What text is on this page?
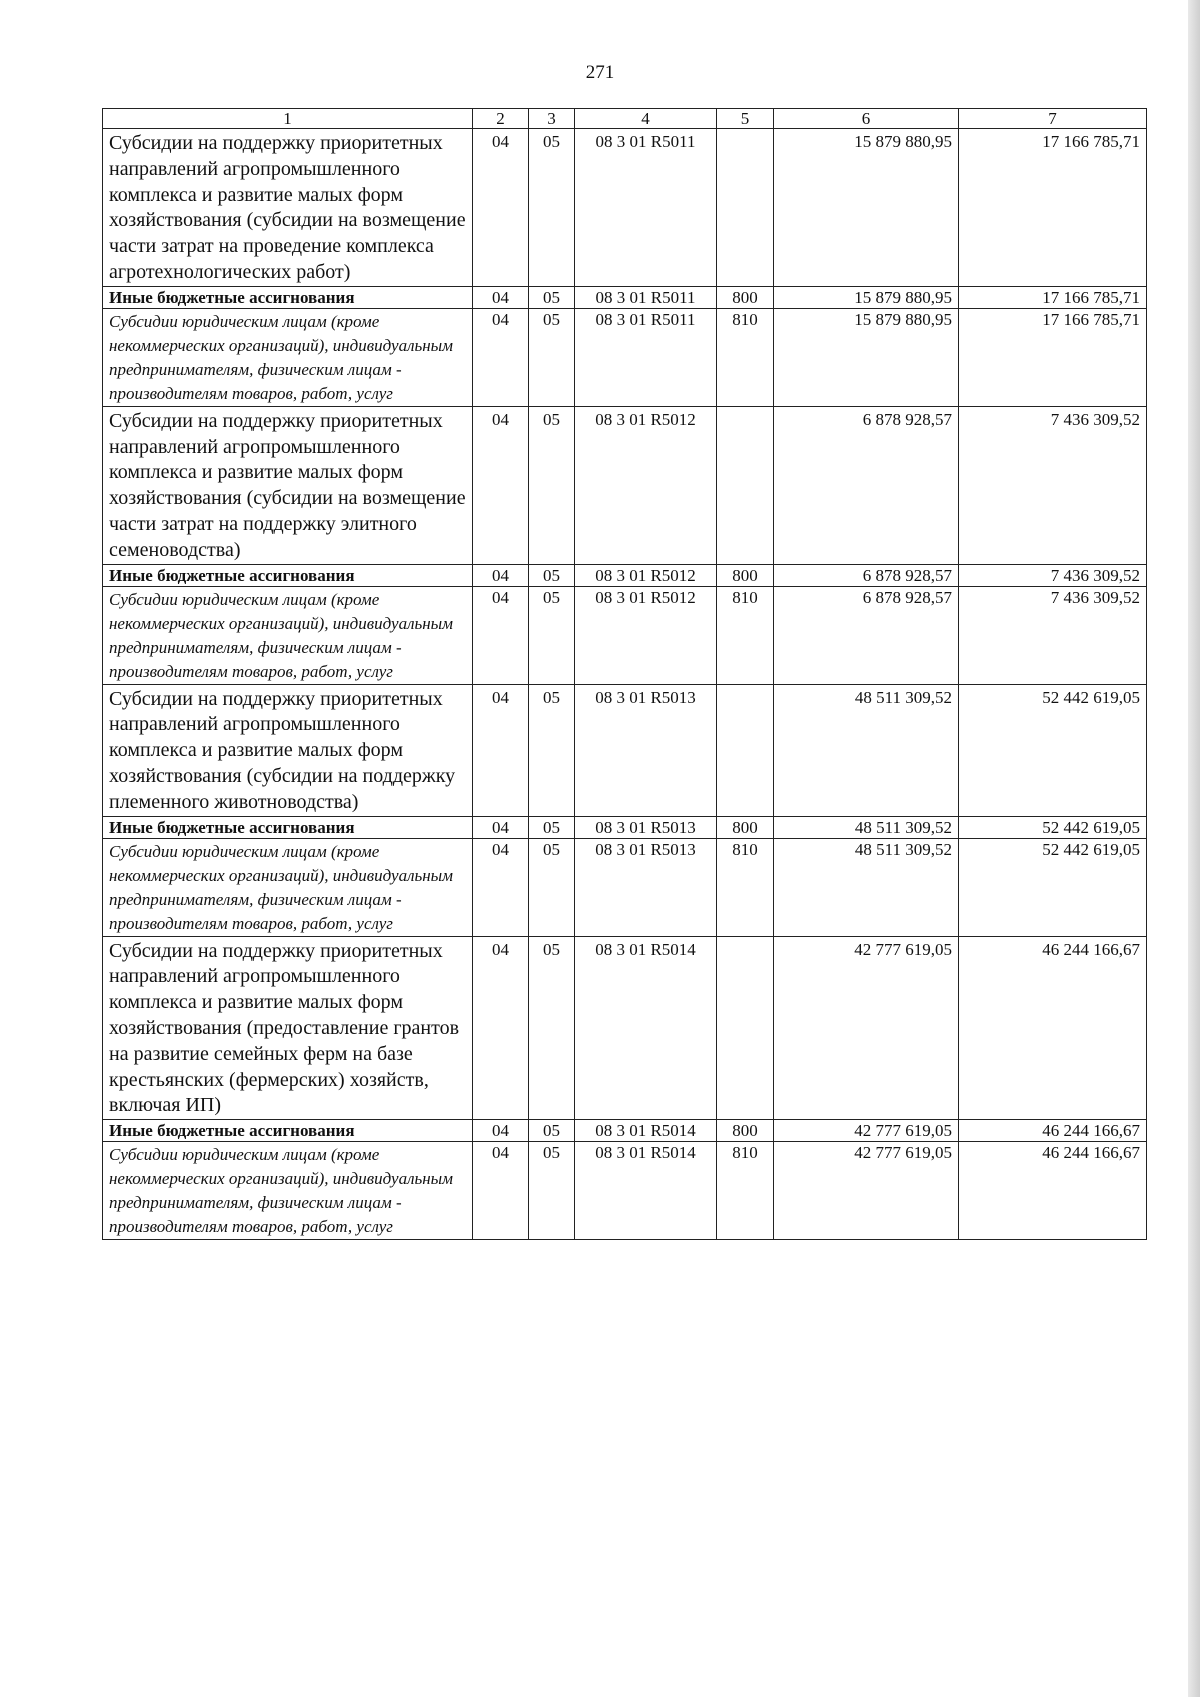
271
1	2	3	4	5	6	7
Субсидии на поддержку приоритетных направлений агропромышленного комплекса и развитие малых форм хозяйствования (субсидии на возмещение части затрат на проведение комплекса агротехнологических работ)	04	05	08 3 01 R5011		15 879 880,95	17 166 785,71
Иные бюджетные ассигнования	04	05	08 3 01 R5011	800	15 879 880,95	17 166 785,71
Субсидии юридическим лицам (кроме некоммерческих организаций), индивидуальным предпринимателям, физическим лицам - производителям товаров, работ, услуг	04	05	08 3 01 R5011	810	15 879 880,95	17 166 785,71
Субсидии на поддержку приоритетных направлений агропромышленного комплекса и развитие малых форм хозяйствования (субсидии на возмещение части затрат на поддержку элитного семеноводства)	04	05	08 3 01 R5012		6 878 928,57	7 436 309,52
Иные бюджетные ассигнования	04	05	08 3 01 R5012	800	6 878 928,57	7 436 309,52
Субсидии юридическим лицам (кроме некоммерческих организаций), индивидуальным предпринимателям, физическим лицам - производителям товаров, работ, услуг	04	05	08 3 01 R5012	810	6 878 928,57	7 436 309,52
Субсидии на поддержку приоритетных направлений агропромышленного комплекса и развитие малых форм хозяйствования (субсидии на поддержку племенного животноводства)	04	05	08 3 01 R5013		48 511 309,52	52 442 619,05
Иные бюджетные ассигнования	04	05	08 3 01 R5013	800	48 511 309,52	52 442 619,05
Субсидии юридическим лицам (кроме некоммерческих организаций), индивидуальным предпринимателям, физическим лицам - производителям товаров, работ, услуг	04	05	08 3 01 R5013	810	48 511 309,52	52 442 619,05
Субсидии на поддержку приоритетных направлений агропромышленного комплекса и развитие малых форм хозяйствования (предоставление грантов на развитие семейных ферм на базе крестьянских (фермерских) хозяйств, включая ИП)	04	05	08 3 01 R5014		42 777 619,05	46 244 166,67
Иные бюджетные ассигнования	04	05	08 3 01 R5014	800	42 777 619,05	46 244 166,67
Субсидии юридическим лицам (кроме некоммерческих организаций), индивидуальным предпринимателям, физическим лицам - производителям товаров, работ, услуг	04	05	08 3 01 R5014	810	42 777 619,05	46 244 166,67
